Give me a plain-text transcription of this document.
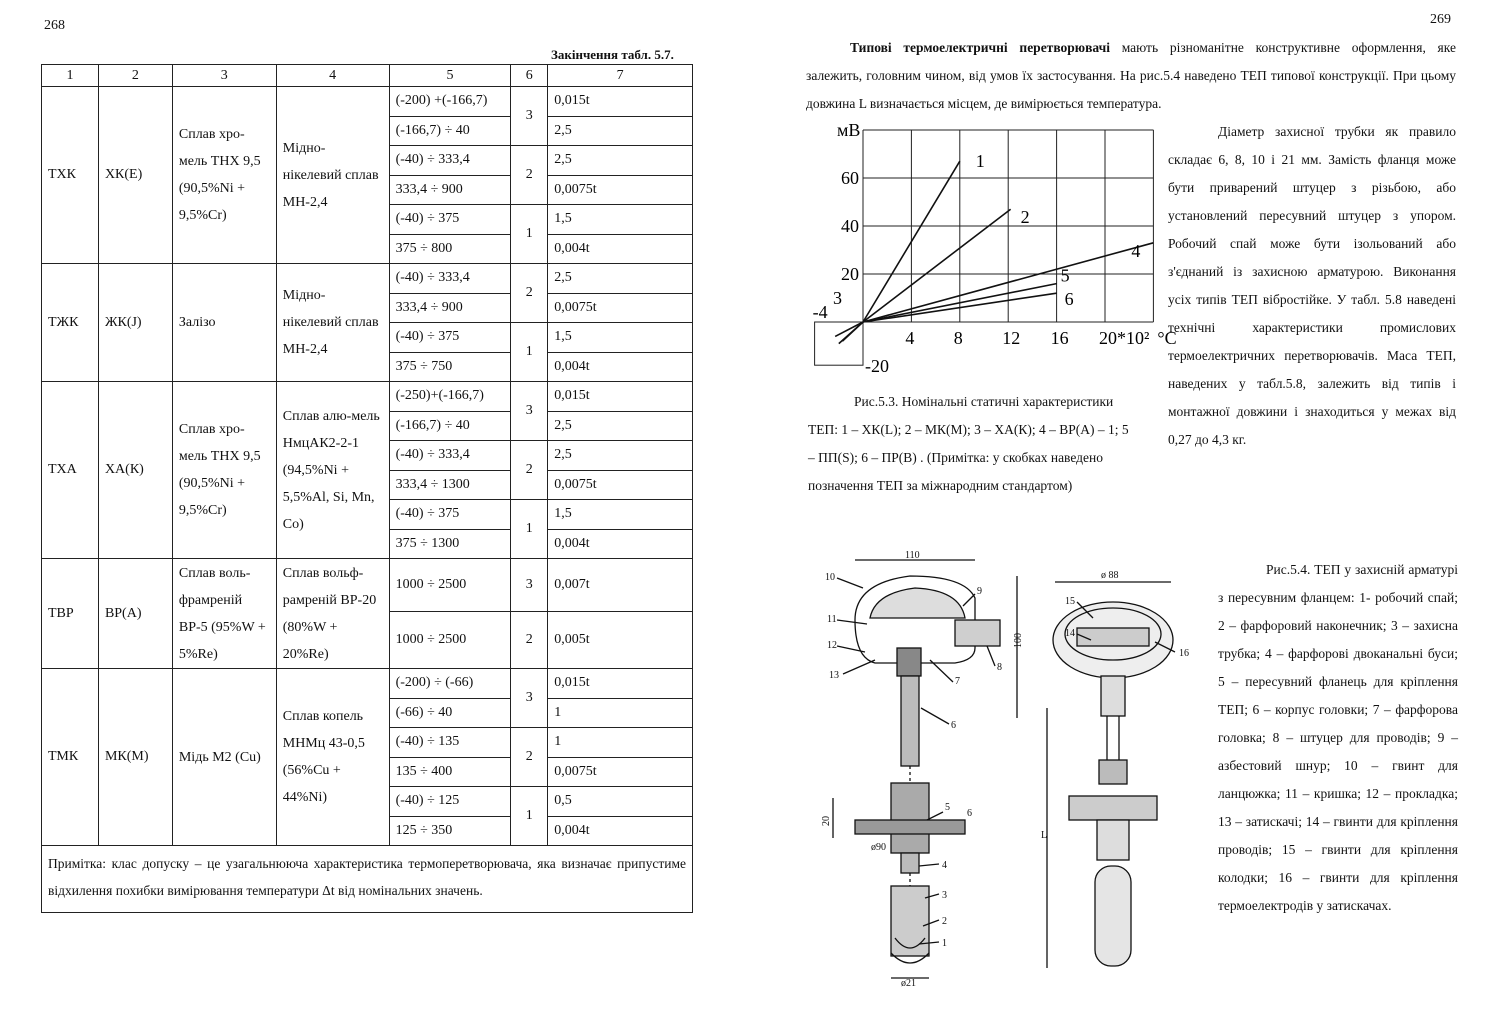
268
Закінчення табл. 5.7.
1	2	3	4	5	6	7
ТХК	ХК(Е)	Сплав хро-мель ТНХ 9,5 (90,5%Ni + 9,5%Cr)	Мідно-нікелевий сплав МН-2,4	(-200) +(-166,7)	3	0,015t
				(-166,7) ÷ 40		2,5
				(-40) ÷ 333,4	2	2,5
				333,4 ÷ 900		0,0075t
				(-40) ÷ 375	1	1,5
				375 ÷ 800		0,004t
ТЖК	ЖК(J)	Залізо	Мідно-нікелевий сплав МН-2,4	(-40) ÷ 333,4	2	2,5
				333,4 ÷ 900		0,0075t
				(-40) ÷ 375	1	1,5
				375 ÷ 750		0,004t
ТХА	ХА(К)	Сплав хро-мель ТНХ 9,5 (90,5%Ni + 9,5%Cr)	Сплав алю-мель НмцАК2-2-1 (94,5%Ni + 5,5%Al, Si, Mn, Co)	(-250)+(-166,7)	3	0,015t
				(-166,7) ÷ 40		2,5
				(-40) ÷ 333,4	2	2,5
				333,4 ÷ 1300		0,0075t
				(-40) ÷ 375	1	1,5
				375 ÷ 1300		0,004t
ТВР	ВР(А)	Сплав воль-фрамреній ВР-5 (95%W + 5%Re)	Сплав вольф-рамреній ВР-20 (80%W + 20%Re)	1000 ÷ 2500	3	0,007t
				1000 ÷ 2500	2	0,005t
ТМК	МК(М)	Мідь М2 (Cu)	Сплав копель МНМц 43-0,5 (56%Cu + 44%Ni)	(-200) ÷ (-66)	3	0,015t
				(-66) ÷ 40		1
				(-40) ÷ 135	2	1
				135 ÷ 400		0,0075t
				(-40) ÷ 125	1	0,5
				125 ÷ 350		0,004t
Примітка: клас допуску – це узагальнююча характеристика термоперетворювача, яка визначає припустиме відхилення похибки вимірювання температури Δt від номінальних значень.						
269
Типові термоелектричні перетворювачі мають різноманітне конструктивне оформлення, яке залежить, головним чином, від умов їх застосування. На рис.5.4 наведено ТЕП типової конструкції. При цьому довжина L визначається місцем, де вимірюється температура.
Діаметр захисної трубки як правило складає 6, 8, 10 і 21 мм. Замість фланця може бути приварений штуцер з різьбою, або установлений пересувний штуцер з упором. Робочий спай може бути ізольований або з'єднаний із захисною арматурою. Виконання усіх типів ТЕП віброcтійке. У табл. 5.8 наведені технічні характеристики промислових термоелектричних перетворювачів. Маса ТЕП, наведених у табл.5.8, залежить від типів і монтажної довжини і знаходиться у межах від 0,27 до 4,3 кг.
1
2
3
4
5
6
4 8 12 16 20*10²
20
40
60
мВ
°C
-4
-20
Рис.5.3. Номінальні статичні характеристики ТЕП: 1 – ХК(L); 2 – МК(М); 3 – ХА(К); 4 – ВР(А) – 1; 5 – ПП(S); 6 – ПР(В) . (Примітка: у скобках наведено позначення ТЕП за міжнародним стандартом)
110
100
ø 88
L
20
ø90
ø21
6
1
2
3
4
5
6
7
8
9
10
11
12
13
14
15
16
Рис.5.4. ТЕП у захисній арматурі з пересувним фланцем: 1- робочий спай; 2 – фарфоровий наконечник; 3 – захисна трубка; 4 – фарфорові двоканальні буси; 5 – пересувний фланець для кріплення ТЕП; 6 – корпус головки; 7 – фарфорова головка; 8 – штуцер для проводів; 9 – азбестовий шнур; 10 – гвинт для ланцюжка; 11 – кришка; 12 – прокладка; 13 – затискачі; 14 – гвинти для кріплення проводів; 15 – гвинти для кріплення колодки; 16 – гвинти для кріплення термоелектродів у затискачах.
